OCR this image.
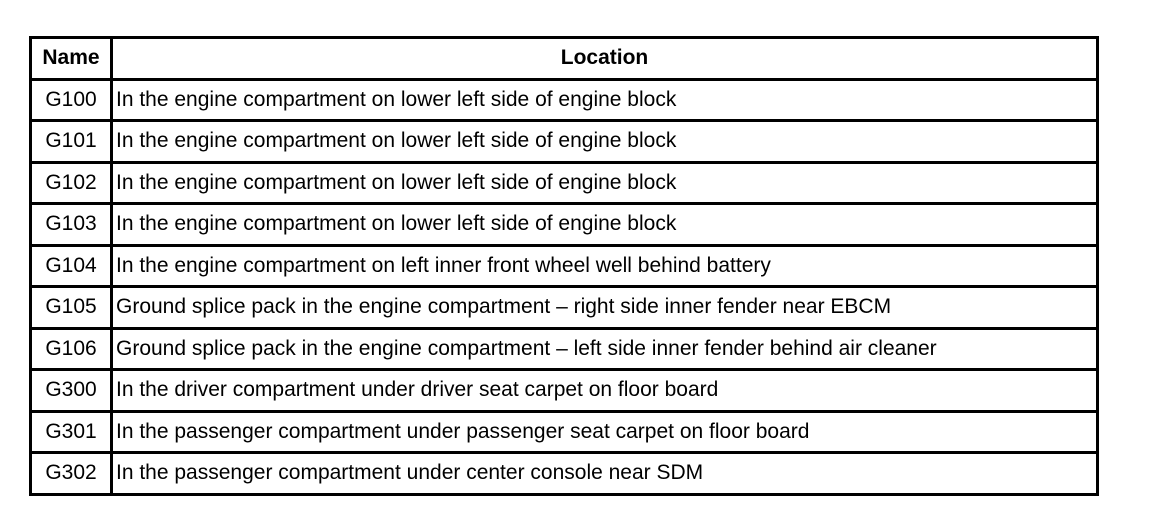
Name	Location
G100	In the engine compartment on lower left side of engine block
G101	In the engine compartment on lower left side of engine block
G102	In the engine compartment on lower left side of engine block
G103	In the engine compartment on lower left side of engine block
G104	In the engine compartment on left inner front wheel well behind battery
G105	Ground splice pack in the engine compartment – right side inner fender near EBCM
G106	Ground splice pack in the engine compartment – left side inner fender behind air cleaner
G300	In the driver compartment under driver seat carpet on floor board
G301	In the passenger compartment under passenger seat carpet on floor board
G302	In the passenger compartment under center console near SDM
